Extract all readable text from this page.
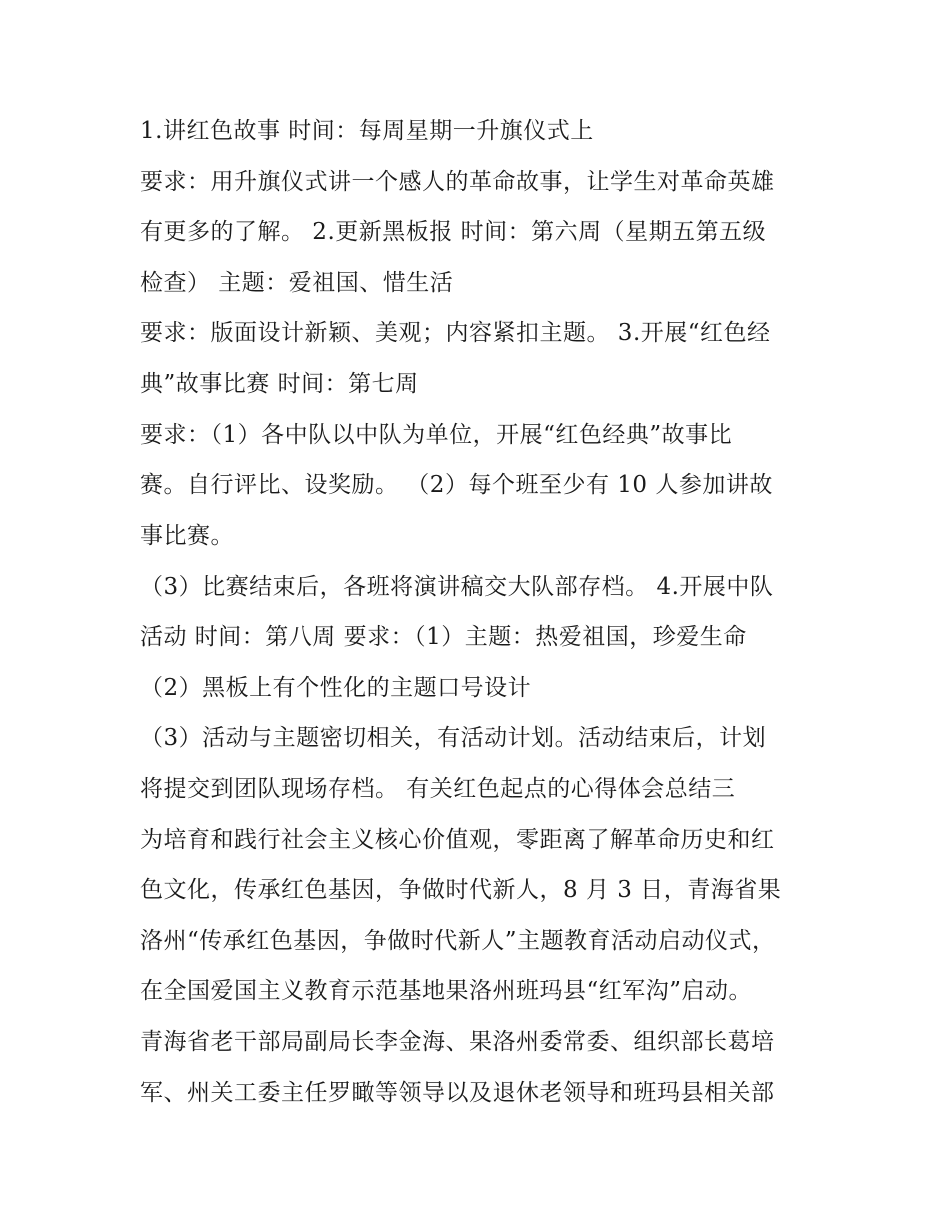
1.讲红色故事 时间：每周星期一升旗仪式上

要求：用升旗仪式讲一个感人的革命故事，让学生对革命英雄

有更多的了解。 2.更新黑板报 时间：第六周（星期五第五级

检查） 主题：爱祖国、惜生活

要求：版面设计新颖、美观；内容紧扣主题。 3.开展“红色经

典”故事比赛 时间：第七周

要求：（1）各中队以中队为单位，开展“红色经典”故事比

赛。自行评比、设奖励。 （2）每个班至少有 10 人参加讲故

事比赛。

（3）比赛结束后，各班将演讲稿交大队部存档。 4.开展中队

活动 时间：第八周 要求：（1）主题：热爱祖国，珍爱生命

（2）黑板上有个性化的主题口号设计

（3）活动与主题密切相关，有活动计划。活动结束后，计划

将提交到团队现场存档。 有关红色起点的心得体会总结三

为培育和践行社会主义核心价值观，零距离了解革命历史和红

色文化，传承红色基因，争做时代新人，8 月 3 日，青海省果

洛州“传承红色基因，争做时代新人”主题教育活动启动仪式，

在全国爱国主义教育示范基地果洛州班玛县“红军沟”启动。

青海省老干部局副局长李金海、果洛州委常委、组织部长葛培

军、州关工委主任罗瞰等领导以及退休老领导和班玛县相关部
